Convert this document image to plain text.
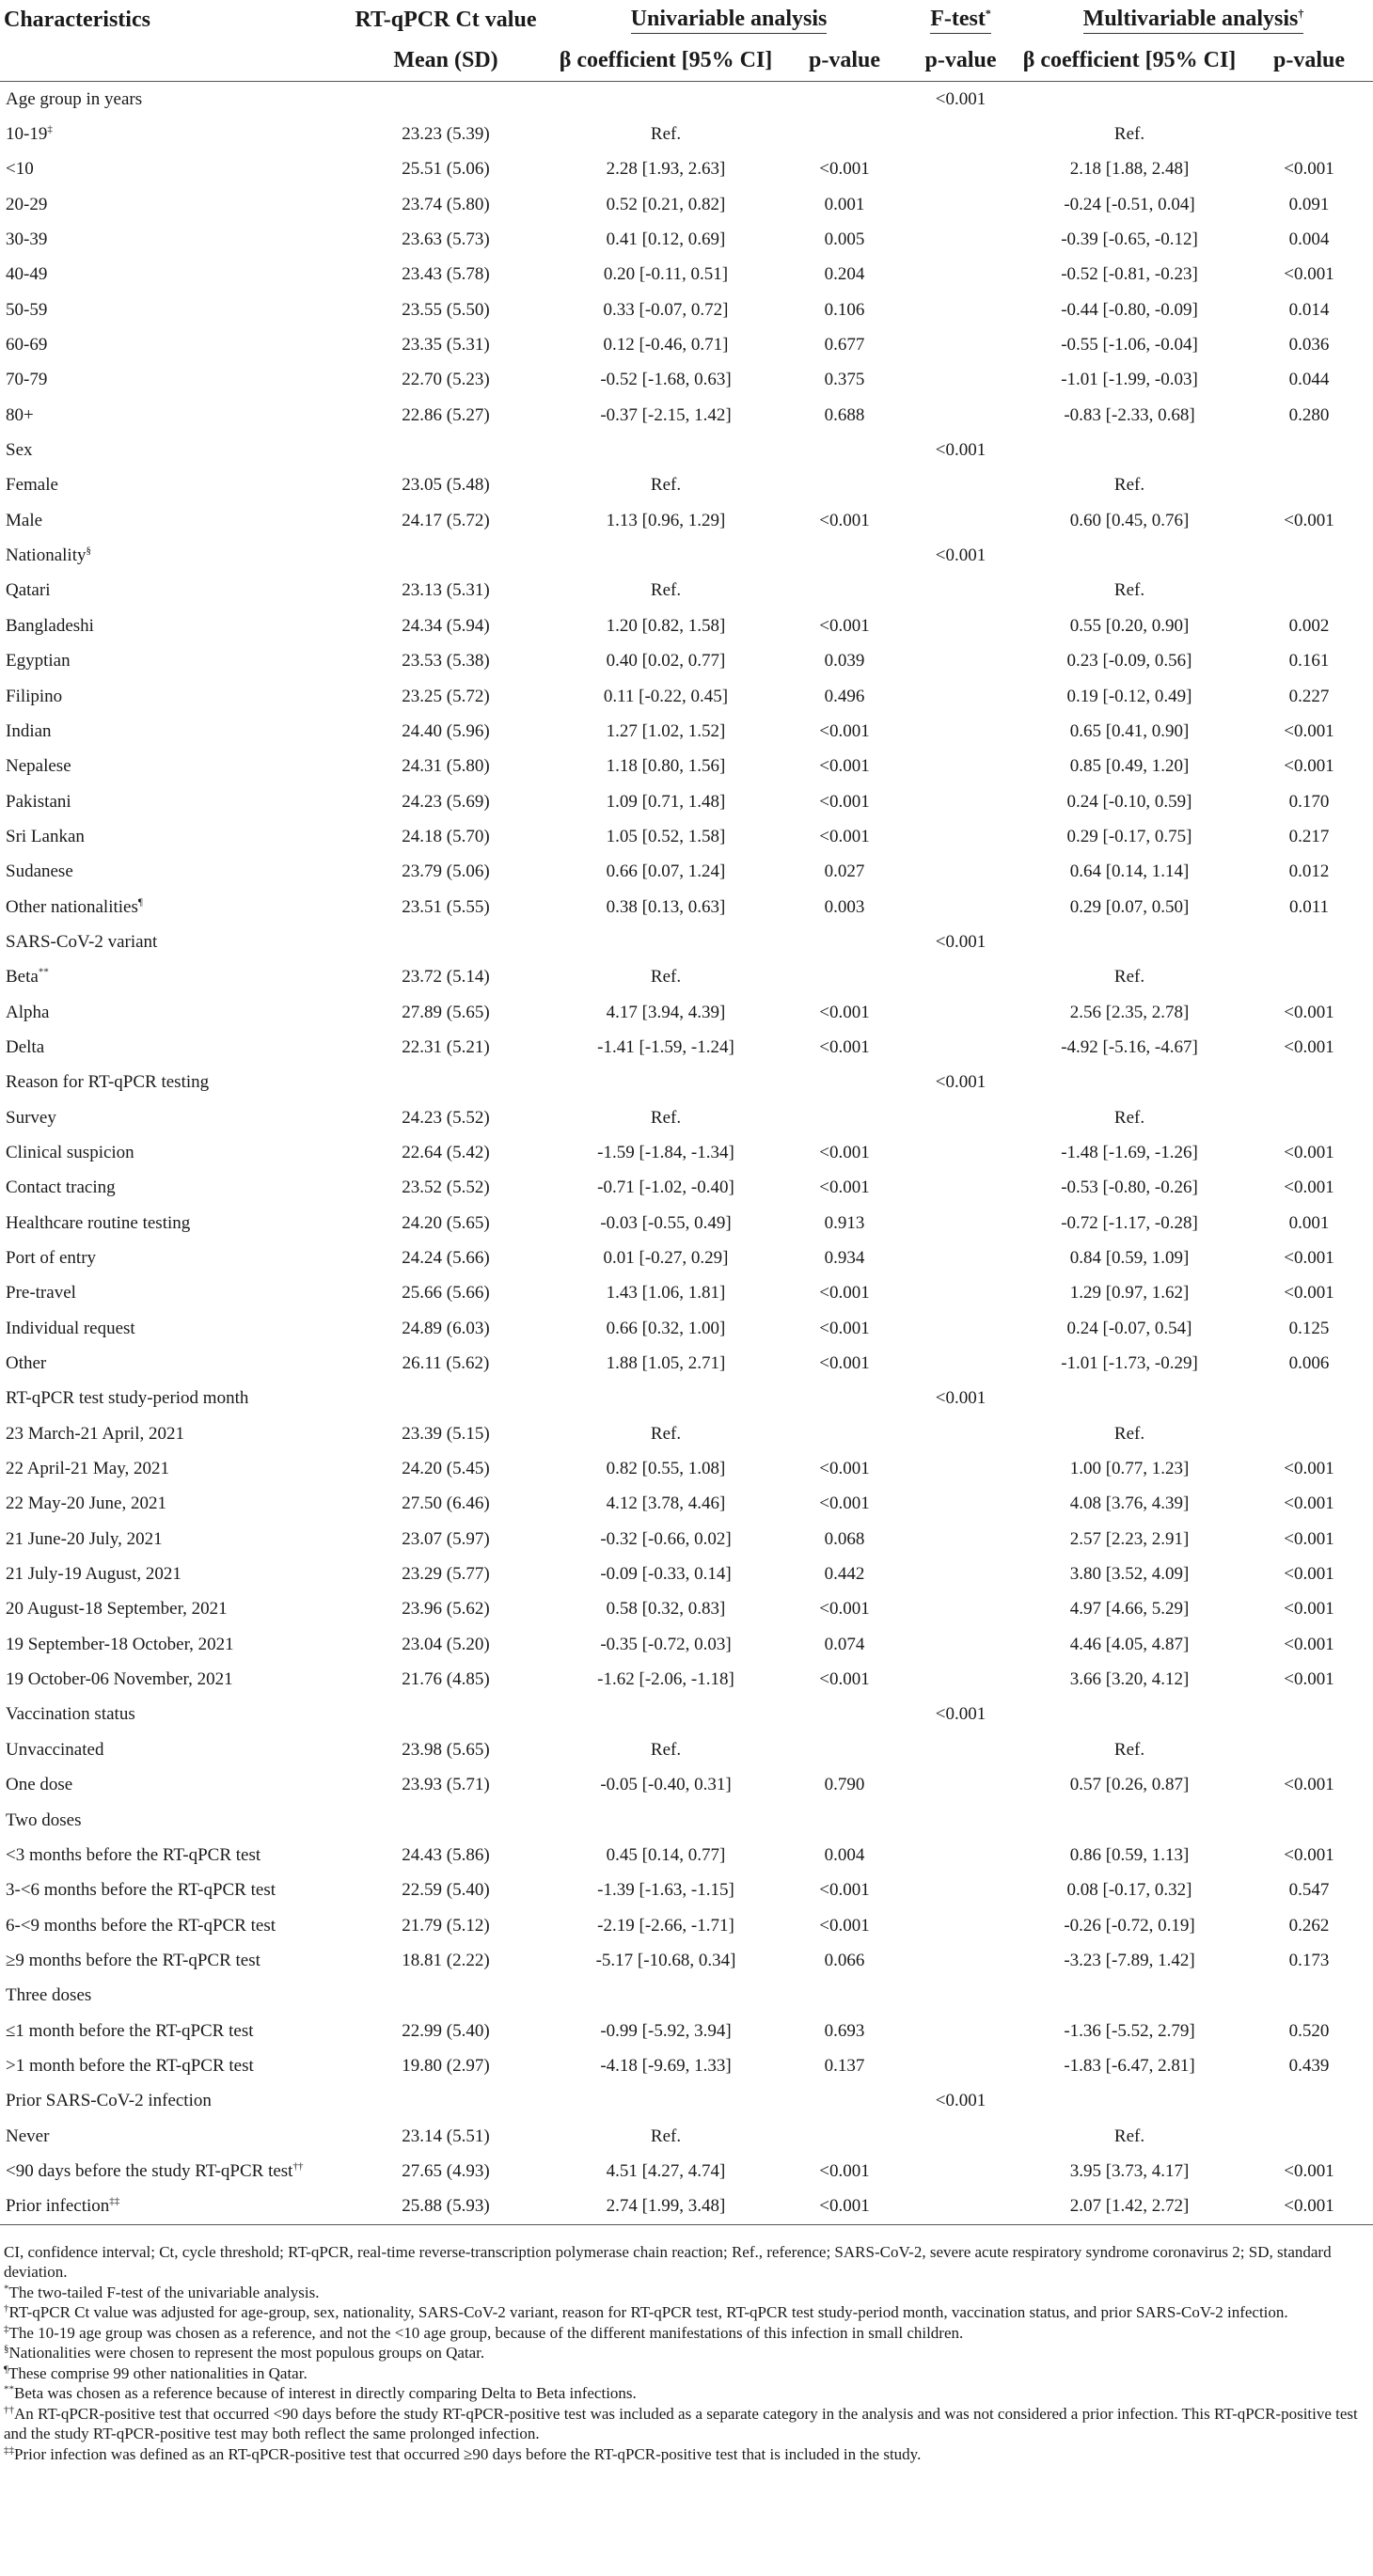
Characteristics	RT-qPCR Ct value	Univariable analysis		F-test*	Multivariable analysis†
	Mean (SD)	β coefficient [95% CI]	p-value	p-value	β coefficient [95% CI]	p-value
Age group in years				<0.001		
10-19‡	23.23 (5.39)	Ref.			Ref.	
<10	25.51 (5.06)	2.28 [1.93, 2.63]	<0.001		2.18 [1.88, 2.48]	<0.001
20-29	23.74 (5.80)	0.52 [0.21, 0.82]	0.001		-0.24 [-0.51, 0.04]	0.091
30-39	23.63 (5.73)	0.41 [0.12, 0.69]	0.005		-0.39 [-0.65, -0.12]	0.004
40-49	23.43 (5.78)	0.20 [-0.11, 0.51]	0.204		-0.52 [-0.81, -0.23]	<0.001
50-59	23.55 (5.50)	0.33 [-0.07, 0.72]	0.106		-0.44 [-0.80, -0.09]	0.014
60-69	23.35 (5.31)	0.12 [-0.46, 0.71]	0.677		-0.55 [-1.06, -0.04]	0.036
70-79	22.70 (5.23)	-0.52 [-1.68, 0.63]	0.375		-1.01 [-1.99, -0.03]	0.044
80+	22.86 (5.27)	-0.37 [-2.15, 1.42]	0.688		-0.83 [-2.33, 0.68]	0.280
Sex				<0.001		
Female	23.05 (5.48)	Ref.			Ref.	
Male	24.17 (5.72)	1.13 [0.96, 1.29]	<0.001		0.60 [0.45, 0.76]	<0.001
Nationality§				<0.001		
Qatari	23.13 (5.31)	Ref.			Ref.	
Bangladeshi	24.34 (5.94)	1.20 [0.82, 1.58]	<0.001		0.55 [0.20, 0.90]	0.002
Egyptian	23.53 (5.38)	0.40 [0.02, 0.77]	0.039		0.23 [-0.09, 0.56]	0.161
Filipino	23.25 (5.72)	0.11 [-0.22, 0.45]	0.496		0.19 [-0.12, 0.49]	0.227
Indian	24.40 (5.96)	1.27 [1.02, 1.52]	<0.001		0.65 [0.41, 0.90]	<0.001
Nepalese	24.31 (5.80)	1.18 [0.80, 1.56]	<0.001		0.85 [0.49, 1.20]	<0.001
Pakistani	24.23 (5.69)	1.09 [0.71, 1.48]	<0.001		0.24 [-0.10, 0.59]	0.170
Sri Lankan	24.18 (5.70)	1.05 [0.52, 1.58]	<0.001		0.29 [-0.17, 0.75]	0.217
Sudanese	23.79 (5.06)	0.66 [0.07, 1.24]	0.027		0.64 [0.14, 1.14]	0.012
Other nationalities¶	23.51 (5.55)	0.38 [0.13, 0.63]	0.003		0.29 [0.07, 0.50]	0.011
SARS-CoV-2 variant				<0.001		
Beta**	23.72 (5.14)	Ref.			Ref.	
Alpha	27.89 (5.65)	4.17 [3.94, 4.39]	<0.001		2.56 [2.35, 2.78]	<0.001
Delta	22.31 (5.21)	-1.41 [-1.59, -1.24]	<0.001		-4.92 [-5.16, -4.67]	<0.001
Reason for RT-qPCR testing				<0.001		
Survey	24.23 (5.52)	Ref.			Ref.	
Clinical suspicion	22.64 (5.42)	-1.59 [-1.84, -1.34]	<0.001		-1.48 [-1.69, -1.26]	<0.001
Contact tracing	23.52 (5.52)	-0.71 [-1.02, -0.40]	<0.001		-0.53 [-0.80, -0.26]	<0.001
Healthcare routine testing	24.20 (5.65)	-0.03 [-0.55, 0.49]	0.913		-0.72 [-1.17, -0.28]	0.001
Port of entry	24.24 (5.66)	0.01 [-0.27, 0.29]	0.934		0.84 [0.59, 1.09]	<0.001
Pre-travel	25.66 (5.66)	1.43 [1.06, 1.81]	<0.001		1.29 [0.97, 1.62]	<0.001
Individual request	24.89 (6.03)	0.66 [0.32, 1.00]	<0.001		0.24 [-0.07, 0.54]	0.125
Other	26.11 (5.62)	1.88 [1.05, 2.71]	<0.001		-1.01 [-1.73, -0.29]	0.006
RT-qPCR test study-period month				<0.001		
23 March-21 April, 2021	23.39 (5.15)	Ref.			Ref.	
22 April-21 May, 2021	24.20 (5.45)	0.82 [0.55, 1.08]	<0.001		1.00 [0.77, 1.23]	<0.001
22 May-20 June, 2021	27.50 (6.46)	4.12 [3.78, 4.46]	<0.001		4.08 [3.76, 4.39]	<0.001
21 June-20 July, 2021	23.07 (5.97)	-0.32 [-0.66, 0.02]	0.068		2.57 [2.23, 2.91]	<0.001
21 July-19 August, 2021	23.29 (5.77)	-0.09 [-0.33, 0.14]	0.442		3.80 [3.52, 4.09]	<0.001
20 August-18 September, 2021	23.96 (5.62)	0.58 [0.32, 0.83]	<0.001		4.97 [4.66, 5.29]	<0.001
19 September-18 October, 2021	23.04 (5.20)	-0.35 [-0.72, 0.03]	0.074		4.46 [4.05, 4.87]	<0.001
19 October-06 November, 2021	21.76 (4.85)	-1.62 [-2.06, -1.18]	<0.001		3.66 [3.20, 4.12]	<0.001
Vaccination status				<0.001		
Unvaccinated	23.98 (5.65)	Ref.			Ref.	
One dose	23.93 (5.71)	-0.05 [-0.40, 0.31]	0.790		0.57 [0.26, 0.87]	<0.001
Two doses						
<3 months before the RT-qPCR test	24.43 (5.86)	0.45 [0.14, 0.77]	0.004		0.86 [0.59, 1.13]	<0.001
3-<6 months before the RT-qPCR test	22.59 (5.40)	-1.39 [-1.63, -1.15]	<0.001		0.08 [-0.17, 0.32]	0.547
6-<9 months before the RT-qPCR test	21.79 (5.12)	-2.19 [-2.66, -1.71]	<0.001		-0.26 [-0.72, 0.19]	0.262
≥9 months before the RT-qPCR test	18.81 (2.22)	-5.17 [-10.68, 0.34]	0.066		-3.23 [-7.89, 1.42]	0.173
Three doses						
≤1 month before the RT-qPCR test	22.99 (5.40)	-0.99 [-5.92, 3.94]	0.693		-1.36 [-5.52, 2.79]	0.520
>1 month before the RT-qPCR test	19.80 (2.97)	-4.18 [-9.69, 1.33]	0.137		-1.83 [-6.47, 2.81]	0.439
Prior SARS-CoV-2 infection				<0.001		
Never	23.14 (5.51)	Ref.			Ref.	
<90 days before the study RT-qPCR test††	27.65 (4.93)	4.51 [4.27, 4.74]	<0.001		3.95 [3.73, 4.17]	<0.001
Prior infection‡‡	25.88 (5.93)	2.74 [1.99, 3.48]	<0.001		2.07 [1.42, 2.72]	<0.001

CI, confidence interval; Ct, cycle threshold; RT-qPCR, real-time reverse-transcription polymerase chain reaction; Ref., reference; SARS-CoV-2, severe acute respiratory syndrome coronavirus 2; SD, standard deviation.

*The two-tailed F-test of the univariable analysis.

†RT-qPCR Ct value was adjusted for age-group, sex, nationality, SARS-CoV-2 variant, reason for RT-qPCR test, RT-qPCR test study-period month, vaccination status, and prior SARS-CoV-2 infection.

‡The 10-19 age group was chosen as a reference, and not the <10 age group, because of the different manifestations of this infection in small children.

§Nationalities were chosen to represent the most populous groups on Qatar.

¶These comprise 99 other nationalities in Qatar.

**Beta was chosen as a reference because of interest in directly comparing Delta to Beta infections.

††An RT-qPCR-positive test that occurred <90 days before the study RT-qPCR-positive test was included as a separate category in the analysis and was not considered a prior infection. This RT-qPCR-positive test and the study RT-qPCR-positive test may both reflect the same prolonged infection.

‡‡Prior infection was defined as an RT-qPCR-positive test that occurred ≥90 days before the RT-qPCR-positive test that is included in the study.
